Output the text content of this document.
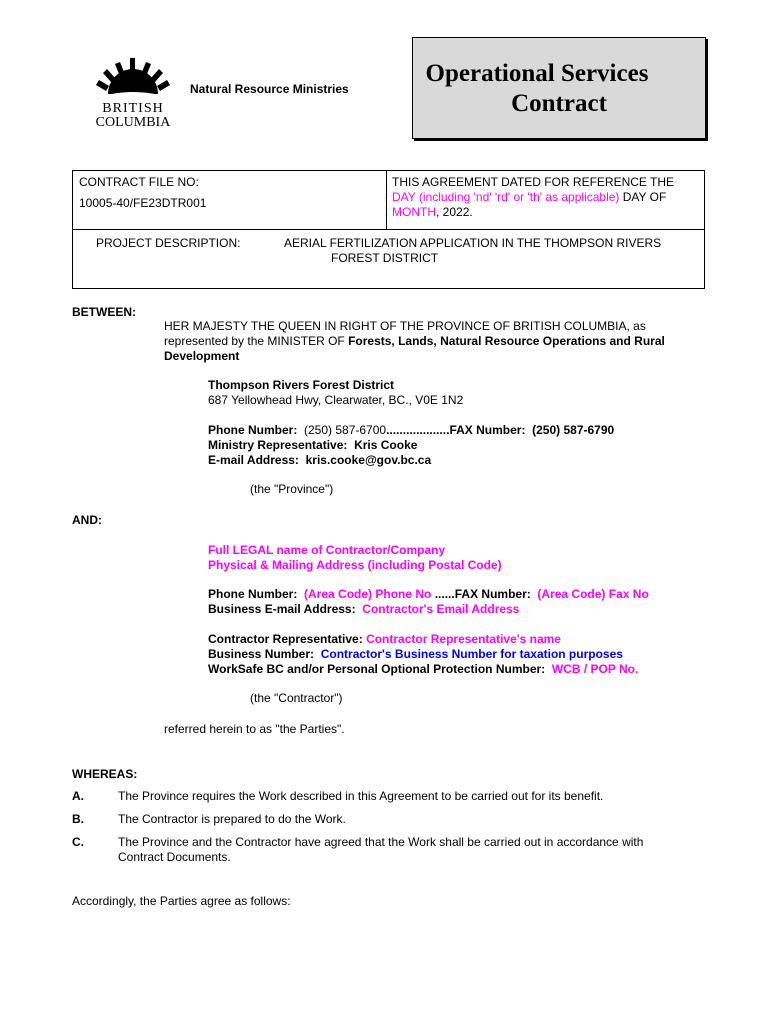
BRITISH
COLUMBIA
Natural Resource Ministries
Operational Services
Contract
CONTRACT FILE NO:
10005-40/FE23DTR001
THIS AGREEMENT DATED FOR REFERENCE THE
DAY (including 'nd' 'rd' or 'th' as applicable) DAY OF
MONTH, 2022.
PROJECT DESCRIPTION:	AERIAL FERTILIZATION APPLICATION IN THE THOMPSON RIVERS
FOREST DISTRICT
BETWEEN:
HER MAJESTY THE QUEEN IN RIGHT OF THE PROVINCE OF BRITISH COLUMBIA, as
represented by the MINISTER OF Forests, Lands, Natural Resource Operations and Rural
Development
Thompson Rivers Forest District
687 Yellowhead Hwy, Clearwater, BC., V0E 1N2
Phone Number: (250) 587-6700...................FAX Number: (250) 587-6790
Ministry Representative: Kris Cooke
E-mail Address: kris.cooke@gov.bc.ca
(the "Province")
AND:
Full LEGAL name of Contractor/Company
Physical & Mailing Address (including Postal Code)
Phone Number: (Area Code) Phone No ......FAX Number: (Area Code) Fax No
Business E-mail Address: Contractor's Email Address
Contractor Representative: Contractor Representative's name
Business Number: Contractor's Business Number for taxation purposes
WorkSafe BC and/or Personal Optional Protection Number: WCB / POP No.
(the "Contractor")
referred herein to as "the Parties".
WHEREAS:
A.	The Province requires the Work described in this Agreement to be carried out for its benefit.
B.	The Contractor is prepared to do the Work.
C.	The Province and the Contractor have agreed that the Work shall be carried out in accordance with
Contract Documents.
Accordingly, the Parties agree as follows:
